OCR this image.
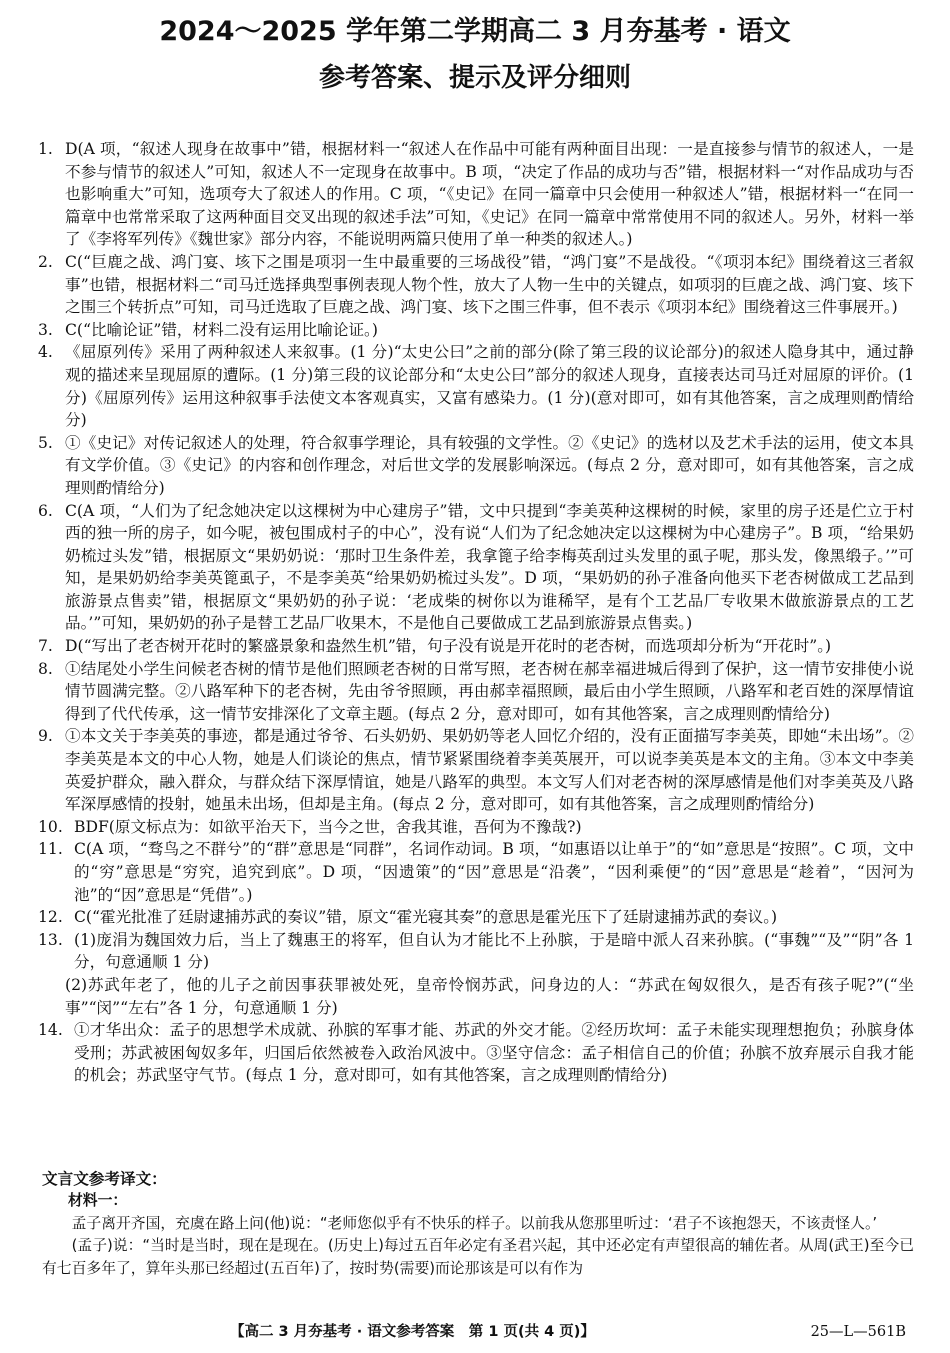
2024～2025 学年第二学期高二 3 月夯基考 · 语文
参考答案、提示及评分细则
1. D(A 项，“叙述人现身在故事中”错，根据材料一“叙述人在作品中可能有两种面目出现：一是直接参与情节的叙述人，一是不参与情节的叙述人”可知，叙述人不一定现身在故事中。B 项，“决定了作品的成功与否”错，根据材料一“对作品成功与否也影响重大”可知，选项夸大了叙述人的作用。C 项，“《史记》在同一篇章中只会使用一种叙述人”错，根据材料一“在同一篇章中也常常采取了这两种面目交叉出现的叙述手法”可知，《史记》在同一篇章中常常使用不同的叙述人。另外，材料一举了《李将军列传》《魏世家》部分内容，不能说明两篇只使用了单一种类的叙述人。)
2. C(“巨鹿之战、鸿门宴、垓下之围是项羽一生中最重要的三场战役”错，“鸿门宴”不是战役。“《项羽本纪》围绕着这三者叙事”也错，根据材料二“司马迁选择典型事例表现人物个性，放大了人物一生中的关键点，如项羽的巨鹿之战、鸿门宴、垓下之围三个转折点”可知，司马迁选取了巨鹿之战、鸿门宴、垓下之围三件事，但不表示《项羽本纪》围绕着这三件事展开。)
3. C(“比喻论证”错，材料二没有运用比喻论证。)
4. 《屈原列传》采用了两种叙述人来叙事。(1 分)“太史公曰”之前的部分(除了第三段的议论部分)的叙述人隐身其中，通过静观的描述来呈现屈原的遭际。(1 分)第三段的议论部分和“太史公曰”部分的叙述人现身，直接表达司马迁对屈原的评价。(1 分)《屈原列传》运用这种叙事手法使文本客观真实，又富有感染力。(1 分)(意对即可，如有其他答案，言之成理则酌情给分)
5. ①《史记》对传记叙述人的处理，符合叙事学理论，具有较强的文学性。②《史记》的选材以及艺术手法的运用，使文本具有文学价值。③《史记》的内容和创作理念，对后世文学的发展影响深远。(每点 2 分，意对即可，如有其他答案，言之成理则酌情给分)
6. C(A 项，“人们为了纪念她决定以这棵树为中心建房子”错，文中只提到“李美英种这棵树的时候，家里的房子还是伫立于村西的独一所的房子，如今呢，被包围成村子的中心”，没有说“人们为了纪念她决定以这棵树为中心建房子”。B 项，“给果奶奶梳过头发”错，根据原文“果奶奶说：‘那时卫生条件差，我拿篦子给李梅英刮过头发里的虱子呢，那头发，像黑缎子。’”可知，是果奶奶给李美英篦虱子，不是李美英“给果奶奶梳过头发”。D 项，“果奶奶的孙子准备向他买下老杏树做成工艺品到旅游景点售卖”错，根据原文“果奶奶的孙子说：‘老成柴的树你以为谁稀罕，是有个工艺品厂专收果木做旅游景点的工艺品。’”可知，果奶奶的孙子是替工艺品厂收果木，不是他自己要做成工艺品到旅游景点售卖。)
7. D(“写出了老杏树开花时的繁盛景象和盎然生机”错，句子没有说是开花时的老杏树，而选项却分析为“开花时”。)
8. ①结尾处小学生问候老杏树的情节是他们照顾老杏树的日常写照，老杏树在郝幸福进城后得到了保护，这一情节安排使小说情节圆满完整。②八路军种下的老杏树，先由爷爷照顾，再由郝幸福照顾，最后由小学生照顾，八路军和老百姓的深厚情谊得到了代代传承，这一情节安排深化了文章主题。(每点 2 分，意对即可，如有其他答案，言之成理则酌情给分)
9. ①本文关于李美英的事迹，都是通过爷爷、石头奶奶、果奶奶等老人回忆介绍的，没有正面描写李美英，即她“未出场”。②李美英是本文的中心人物，她是人们谈论的焦点，情节紧紧围绕着李美英展开，可以说李美英是本文的主角。③本文中李美英爱护群众，融入群众，与群众结下深厚情谊，她是八路军的典型。本文写人们对老杏树的深厚感情是他们对李美英及八路军深厚感情的投射，她虽未出场，但却是主角。(每点 2 分，意对即可，如有其他答案，言之成理则酌情给分)
10. BDF(原文标点为：如欲平治天下，当今之世，舍我其谁，吾何为不豫哉?)
11. C(A 项，“骛鸟之不群兮”的“群”意思是“同群”，名词作动词。B 项，“如惠语以让单于”的“如”意思是“按照”。C 项，文中的“穷”意思是“穷究，追究到底”。D 项，“因遗策”的“因”意思是“沿袭”，“因利乘便”的“因”意思是“趁着”，“因河为池”的“因”意思是“凭借”。)
12. C(“霍光批准了廷尉逮捕苏武的奏议”错，原文“霍光寝其奏”的意思是霍光压下了廷尉逮捕苏武的奏议。)
13. (1)庞涓为魏国效力后，当上了魏惠王的将军，但自认为才能比不上孙膑，于是暗中派人召来孙膑。(“事魏”“及”“阴”各 1 分，句意通顺 1 分)
(2)苏武年老了，他的儿子之前因事获罪被处死，皇帝怜悯苏武，问身边的人：“苏武在匈奴很久，是否有孩子呢?”(“坐事”“闵”“左右”各 1 分，句意通顺 1 分)
14. ①才华出众：孟子的思想学术成就、孙膑的军事才能、苏武的外交才能。②经历坎坷：孟子未能实现理想抱负；孙膑身体受刑；苏武被困匈奴多年，归国后依然被卷入政治风波中。③坚守信念：孟子相信自己的价值；孙膑不放弃展示自我才能的机会；苏武坚守气节。(每点 1 分，意对即可，如有其他答案，言之成理则酌情给分)
文言文参考译文：

材料一：

孟子离开齐国，充虞在路上问(他)说：“老师您似乎有不快乐的样子。以前我从您那里听过：‘君子不该抱怨天，不该责怪人。’

(孟子)说：“当时是当时，现在是现在。(历史上)每过五百年必定有圣君兴起，其中还必定有声望很高的辅佐者。从周(武王)至今已有七百多年了，算年头那已经超过(五百年)了，按时势(需要)而论那该是可以有作为

【高二 3 月夯基考 · 语文参考答案　第 1 页(共 4 页)】	25—L—561B
